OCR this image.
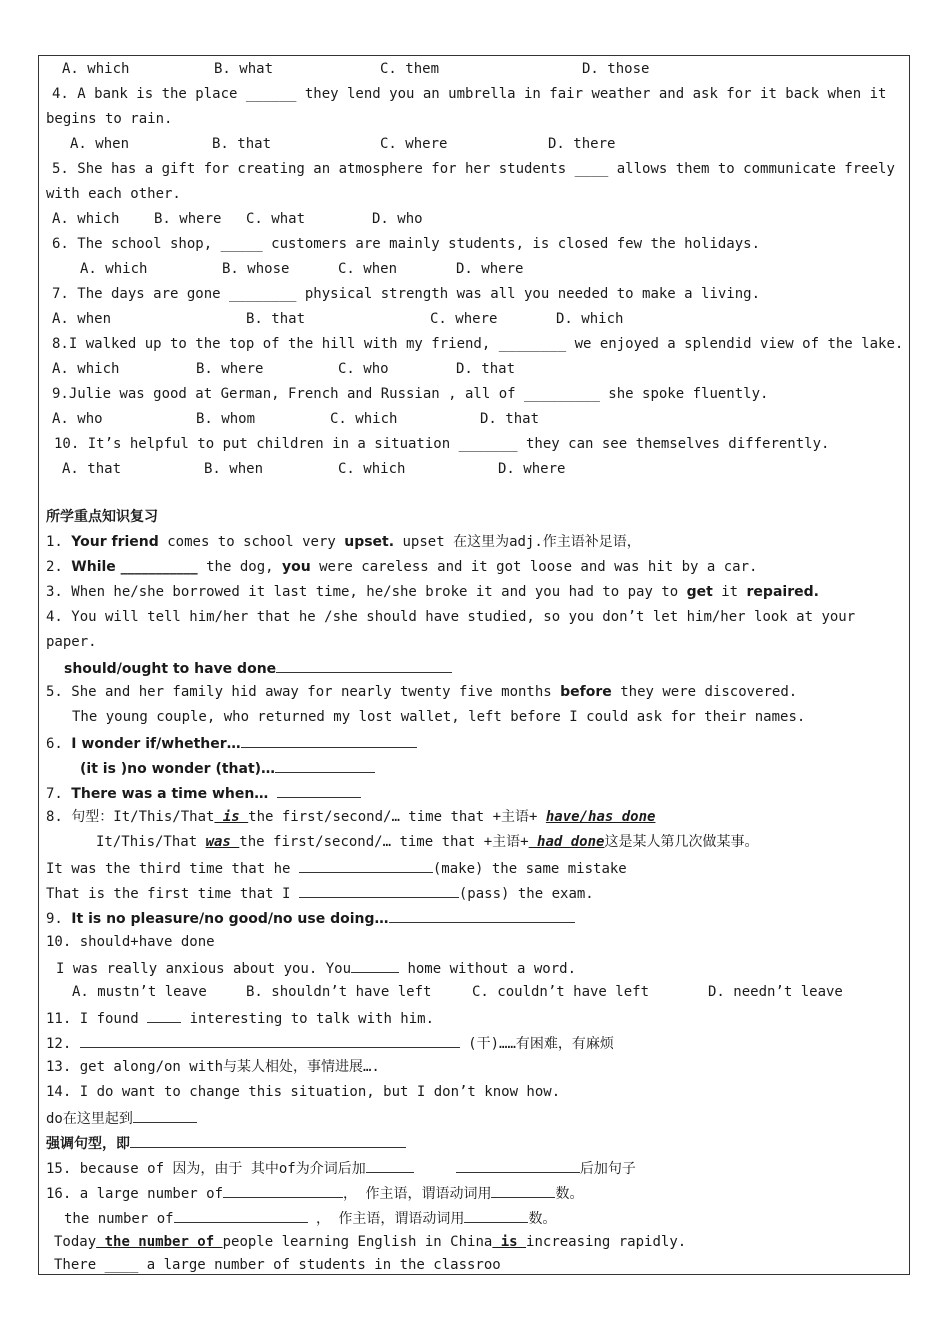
A. which	B. what	C. them	D. those
4. A bank is the place ______ they lend you an umbrella in fair weather and ask for it back when it
begins to rain.
A. when	B. that	C. where	D. there
5. She has a gift for creating an atmosphere for her students ____ allows them to communicate freely
with each other.
A. which B. where C. what	D. who
6. The school shop, _____ customers are mainly students, is closed few the holidays.
A. which	B. whose	C. when	D. where
7. The days are gone ________ physical strength was all you needed to make a living.
A. when	B. that	C. where	D. which
8.I walked up to the top of the hill with my friend, ________ we enjoyed a splendid view of the lake.
A. which	B. where	C. who	D. that
9.Julie was good at German, French and Russian , all of _________ she spoke fluently.
A. who	B. whom	C. which	D. that
10. It’s helpful to put children in a situation _______ they can see themselves differently.
A. that	B. when	C. which	D. where
所学重点知识复习
1. Your friend comes to school very upset. upset 在这里为adj.作主语补足语，
2. While ___________ the dog, you were careless and it got loose and was hit by a car.
3. When he/she borrowed it last time, he/she broke it and you had to pay to get it repaired.
4. You will tell him/her that he /she should have studied, so you don’t let him/her look at your
paper.
should/ought to have done
5. She and her family hid away for nearly twenty five months before they were discovered.
The young couple, who returned my lost wallet, left before I could ask for their names.
6. I wonder if/whether…
(it is )no wonder (that)…
7. There was a time when…
8. 句型：It/This/That is the first/second/… time that +主语+ have/has done
It/This/That was the first/second/… time that +主语+ had done这是某人第几次做某事。
It was the third time that he	(make) the same mistake
That is the first time that I	(pass) the exam.
9. It is no pleasure/no good/no use doing…
10. should+have done
I was really anxious about you. You	home without a word.
A. mustn’t leave	B. shouldn’t have left	C. couldn’t have left	D. needn’t leave
11. I found  interesting to talk with him.
12.	(干)……有困难，有麻烦
13. get along/on with与某人相处，事情进展….
14. I do want to change this situation, but I don’t know how.
do在这里起到
强调句型，即
15. because of 因为，由于 其中of为介词后加	后加句子
16. a large number of	， 作主语，谓语动词用	数。
the number of	， 作主语，谓语动词用	数。
Today the number of people learning English in China is increasing rapidly.
There ____ a large number of students in the classroo
